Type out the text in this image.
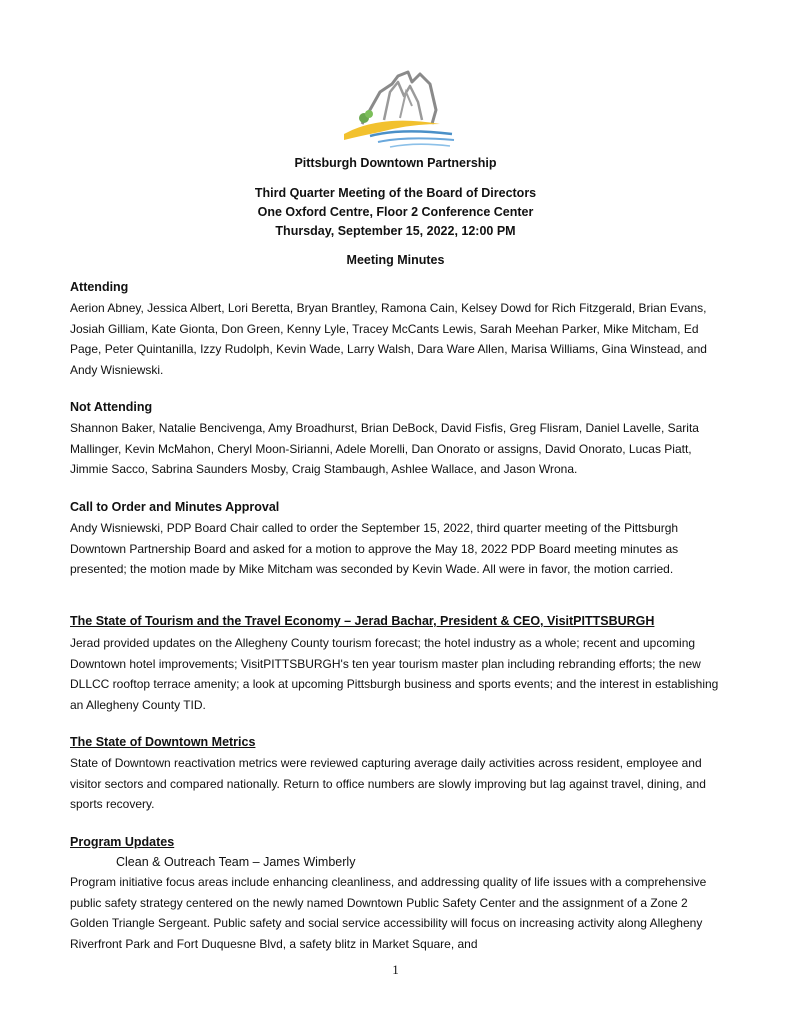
Pittsburgh Downtown Partnership
Third Quarter Meeting of the Board of Directors
One Oxford Centre, Floor 2 Conference Center
Thursday, September 15, 2022, 12:00 PM
Meeting Minutes
Attending
Aerion Abney, Jessica Albert, Lori Beretta, Bryan Brantley, Ramona Cain, Kelsey Dowd for Rich Fitzgerald, Brian Evans, Josiah Gilliam, Kate Gionta, Don Green, Kenny Lyle, Tracey McCants Lewis, Sarah Meehan Parker, Mike Mitcham, Ed Page, Peter Quintanilla, Izzy Rudolph, Kevin Wade, Larry Walsh, Dara Ware Allen, Marisa Williams, Gina Winstead, and Andy Wisniewski.
Not Attending
Shannon Baker, Natalie Bencivenga, Amy Broadhurst, Brian DeBock, David Fisfis, Greg Flisram, Daniel Lavelle, Sarita Mallinger, Kevin McMahon, Cheryl Moon-Sirianni, Adele Morelli, Dan Onorato or assigns, David Onorato, Lucas Piatt, Jimmie Sacco, Sabrina Saunders Mosby, Craig Stambaugh, Ashlee Wallace, and Jason Wrona.
Call to Order and Minutes Approval
Andy Wisniewski, PDP Board Chair called to order the September 15, 2022, third quarter meeting of the Pittsburgh Downtown Partnership Board and asked for a motion to approve the May 18, 2022 PDP Board meeting minutes as presented; the motion made by Mike Mitcham was seconded by Kevin Wade. All were in favor, the motion carried.
The State of Tourism and the Travel Economy – Jerad Bachar, President & CEO, VisitPITTSBURGH
Jerad provided updates on the Allegheny County tourism forecast; the hotel industry as a whole; recent and upcoming Downtown hotel improvements; VisitPITTSBURGH's ten year tourism master plan including rebranding efforts; the new DLLCC rooftop terrace amenity; a look at upcoming Pittsburgh business and sports events; and the interest in establishing an Allegheny County TID.
The State of Downtown Metrics
State of Downtown reactivation metrics were reviewed capturing average daily activities across resident, employee and visitor sectors and compared nationally. Return to office numbers are slowly improving but lag against travel, dining, and sports recovery.
Program Updates
Clean & Outreach Team – James Wimberly
Program initiative focus areas include enhancing cleanliness, and addressing quality of life issues with a comprehensive public safety strategy centered on the newly named Downtown Public Safety Center and the assignment of a Zone 2 Golden Triangle Sergeant. Public safety and social service accessibility will focus on increasing activity along Allegheny Riverfront Park and Fort Duquesne Blvd, a safety blitz in Market Square, and
1
